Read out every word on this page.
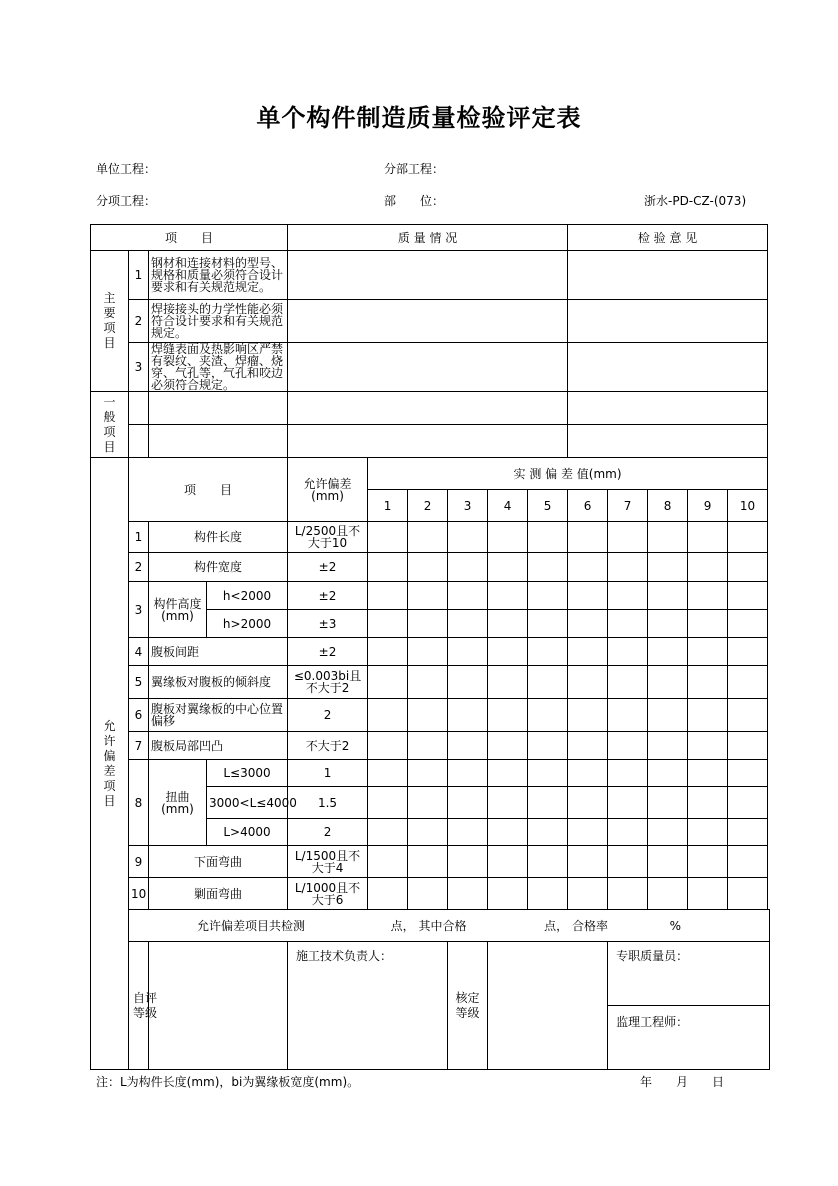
单个构件制造质量检验评定表
单位工程：	分部工程：
分项工程：	部　　位：	浙水-PD-CZ-(073)
项　　目				质 量 情 况						检 验 意 见				
主要项目	1	钢材和连接材料的型号、规格和质量必须符合设计要求和有关规范规定。												
	2	焊接接头的力学性能必须符合设计要求和有关规范规定。												
	3	焊缝表面及热影响区严禁有裂纹、夹渣、焊瘤、烧穿、气孔等，气孔和咬边必须符合规定。												
一般项目														

允许偏差项目	项　　目			允许偏差(mm)	实 测 偏 差 值(mm)									
					1	2	3	4	5	6	7	8	9	10
	1	构件长度		L/2500且不大于10										
	2	构件宽度		±2										
	3	构件高度(mm)	h<2000	±2										
			h>2000	±3										
	4	腹板间距		±2										
	5	翼缘板对腹板的倾斜度		≤0.003bi且不大于2										
	6	腹板对翼缘板的中心位置偏移		2										
	7	腹板局部凹凸		不大于2										
	8	扭曲(mm)	L≤3000	1										
			3000<L≤4000	1.5										
			L>4000	2										
	9	下面弯曲		L/1500且不大于4										
	10	剿面弯曲		L/1000且不大于6										
	允许偏差项目共检测 点， 其中合格 点， 合格率 %													
	自评等级			施工技术负责人：			核定等级				专职质量员：			
											监理工程师：			
注：L为构件长度(mm)，bi为翼缘板宽度(mm)。	年　　月　　日
